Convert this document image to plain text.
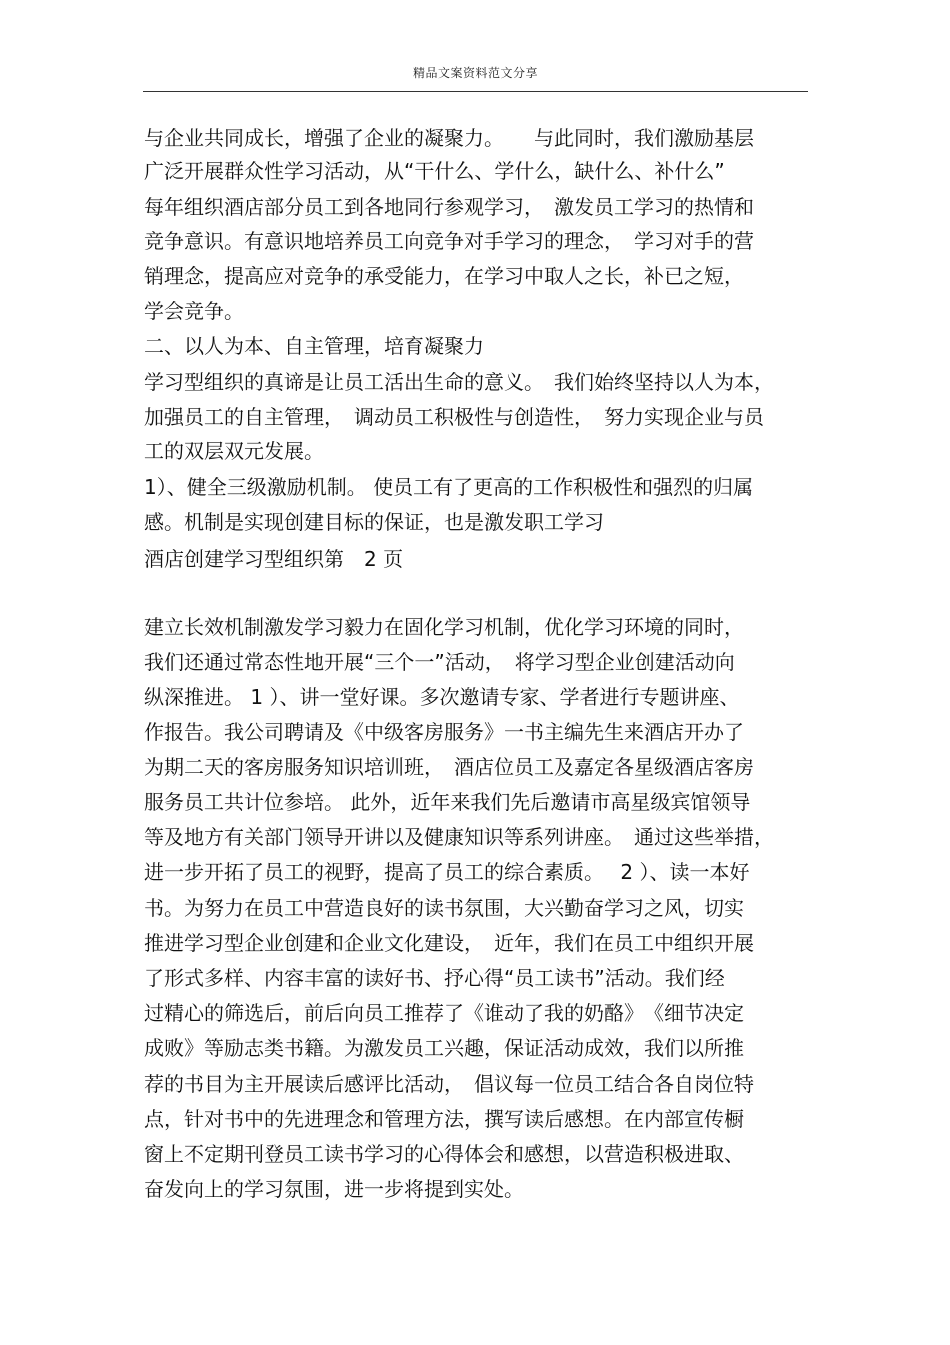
精品文案资料范文分享
与企业共同成长，增强了企业的凝聚力。　　与此同时，我们激励基层
广泛开展群众性学习活动，从“干什么、学什么，缺什么、补什么”
每年组织酒店部分员工到各地同行参观学习，　激发员工学习的热情和
竞争意识。有意识地培养员工向竞争对手学习的理念，　学习对手的营
销理念，提高应对竞争的承受能力，在学习中取人之长，补已之短，
学会竞争。
二、以人为本、自主管理，培育凝聚力
学习型组织的真谛是让员工活出生命的意义。　我们始终坚持以人为本，
加强员工的自主管理，　调动员工积极性与创造性，　努力实现企业与员
工的双层双元发展。
1）、健全三级激励机制。 使员工有了更高的工作积极性和强烈的归属
感。机制是实现创建目标的保证，也是激发职工学习
酒店创建学习型组织第　2 页
建立长效机制激发学习毅力在固化学习机制，优化学习环境的同时，
我们还通过常态性地开展“三个一”活动，　将学习型企业创建活动向
纵深推进。 1 ）、讲一堂好课。多次邀请专家、学者进行专题讲座、
作报告。我公司聘请及《中级客房服务》一书主编先生来酒店开办了
为期二天的客房服务知识培训班，　酒店位员工及嘉定各星级酒店客房
服务员工共计位参培。 此外，近年来我们先后邀请市高星级宾馆领导
等及地方有关部门领导开讲以及健康知识等系列讲座。　通过这些举措，
进一步开拓了员工的视野，提高了员工的综合素质。　 2 ）、读一本好
书。为努力在员工中营造良好的读书氛围，大兴勤奋学习之风，切实
推进学习型企业创建和企业文化建设，　近年，我们在员工中组织开展
了形式多样、内容丰富的读好书、抒心得“员工读书”活动。我们经
过精心的筛选后，前后向员工推荐了《谁动了我的奶酪》　《细节决定
成败》等励志类书籍。为激发员工兴趣，保证活动成效，我们以所推
荐的书目为主开展读后感评比活动，　倡议每一位员工结合各自岗位特
点，针对书中的先进理念和管理方法，撰写读后感想。在内部宣传橱
窗上不定期刊登员工读书学习的心得体会和感想，以营造积极进取、
奋发向上的学习氛围，进一步将提到实处。
